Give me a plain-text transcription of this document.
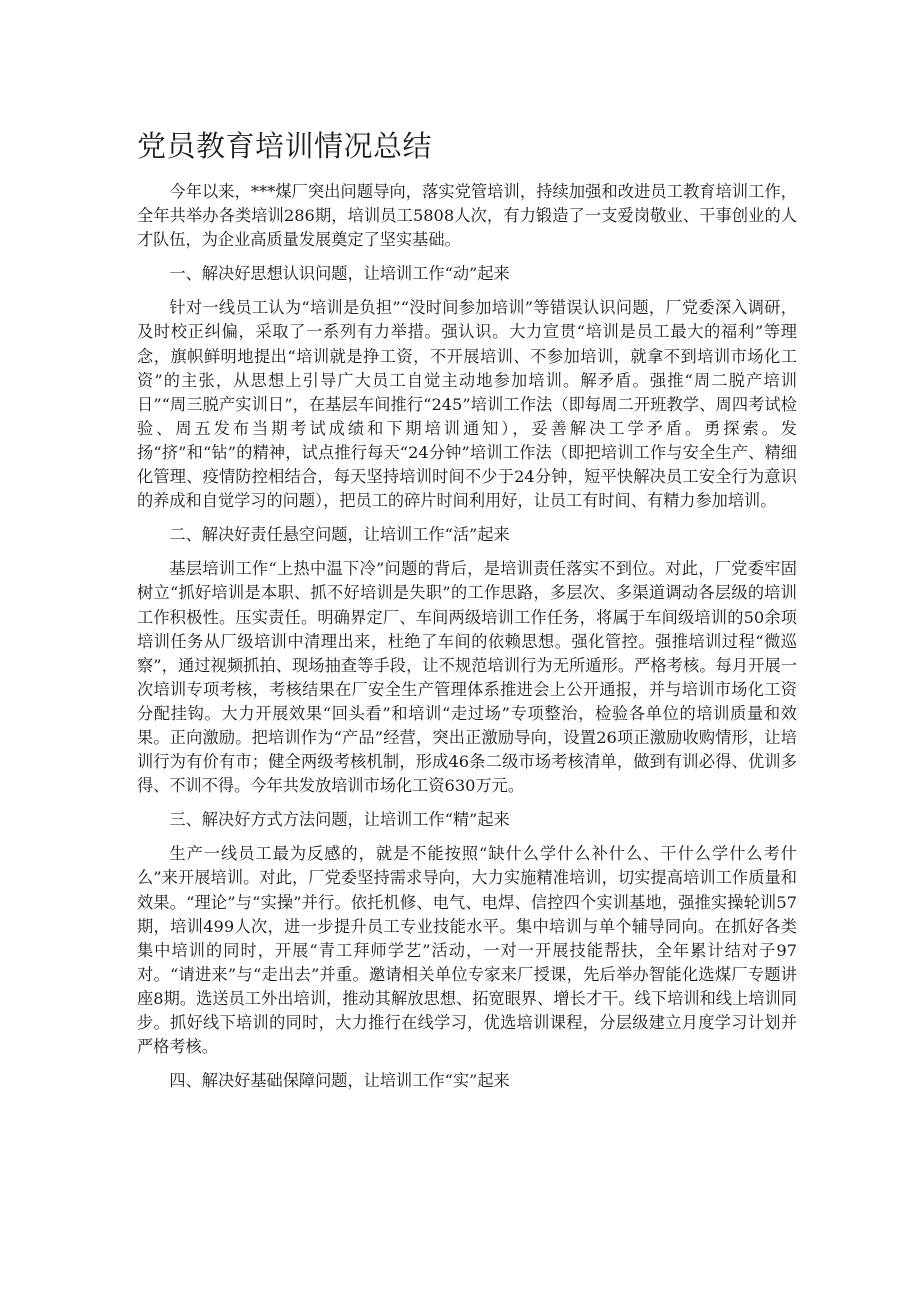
党员教育培训情况总结

今年以来，***煤厂突出问题导向，落实党管培训，持续加强和改进员工教育培训工作，全年共举办各类培训286期，培训员工5808人次，有力锻造了一支爱岗敬业、干事创业的人才队伍，为企业高质量发展奠定了坚实基础。

一、解决好思想认识问题，让培训工作“动”起来

针对一线员工认为“培训是负担”“没时间参加培训”等错误认识问题，厂党委深入调研，及时校正纠偏，采取了一系列有力举措。强认识。大力宣贯“培训是员工最大的福利”等理念，旗帜鲜明地提出“培训就是挣工资，不开展培训、不参加培训，就拿不到培训市场化工资”的主张，从思想上引导广大员工自觉主动地参加培训。解矛盾。强推“周二脱产培训日”“周三脱产实训日”，在基层车间推行“245”培训工作法（即每周二开班教学、周四考试检验、周五发布当期考试成绩和下期培训通知），妥善解决工学矛盾。勇探索。发扬“挤”和“钻”的精神，试点推行每天“24分钟”培训工作法（即把培训工作与安全生产、精细化管理、疫情防控相结合，每天坚持培训时间不少于24分钟，短平快解决员工安全行为意识的养成和自觉学习的问题），把员工的碎片时间利用好，让员工有时间、有精力参加培训。

二、解决好责任悬空问题，让培训工作“活”起来

基层培训工作“上热中温下冷”问题的背后，是培训责任落实不到位。对此，厂党委牢固树立“抓好培训是本职、抓不好培训是失职”的工作思路，多层次、多渠道调动各层级的培训工作积极性。压实责任。明确界定厂、车间两级培训工作任务，将属于车间级培训的50余项培训任务从厂级培训中清理出来，杜绝了车间的依赖思想。强化管控。强推培训过程“微巡察”，通过视频抓拍、现场抽查等手段，让不规范培训行为无所遁形。严格考核。每月开展一次培训专项考核，考核结果在厂安全生产管理体系推进会上公开通报，并与培训市场化工资分配挂钩。大力开展效果“回头看”和培训“走过场”专项整治，检验各单位的培训质量和效果。正向激励。把培训作为“产品”经营，突出正激励导向，设置26项正激励收购情形，让培训行为有价有市；健全两级考核机制，形成46条二级市场考核清单，做到有训必得、优训多得、不训不得。今年共发放培训市场化工资630万元。

三、解决好方式方法问题，让培训工作“精”起来

生产一线员工最为反感的，就是不能按照“缺什么学什么补什么、干什么学什么考什么”来开展培训。对此，厂党委坚持需求导向，大力实施精准培训，切实提高培训工作质量和效果。“理论”与“实操”并行。依托机修、电气、电焊、信控四个实训基地，强推实操轮训57期，培训499人次，进一步提升员工专业技能水平。集中培训与单个辅导同向。在抓好各类集中培训的同时，开展“青工拜师学艺”活动，一对一开展技能帮扶，全年累计结对子97对。“请进来”与“走出去”并重。邀请相关单位专家来厂授课，先后举办智能化选煤厂专题讲座8期。选送员工外出培训，推动其解放思想、拓宽眼界、增长才干。线下培训和线上培训同步。抓好线下培训的同时，大力推行在线学习，优选培训课程，分层级建立月度学习计划并严格考核。

四、解决好基础保障问题，让培训工作“实”起来
